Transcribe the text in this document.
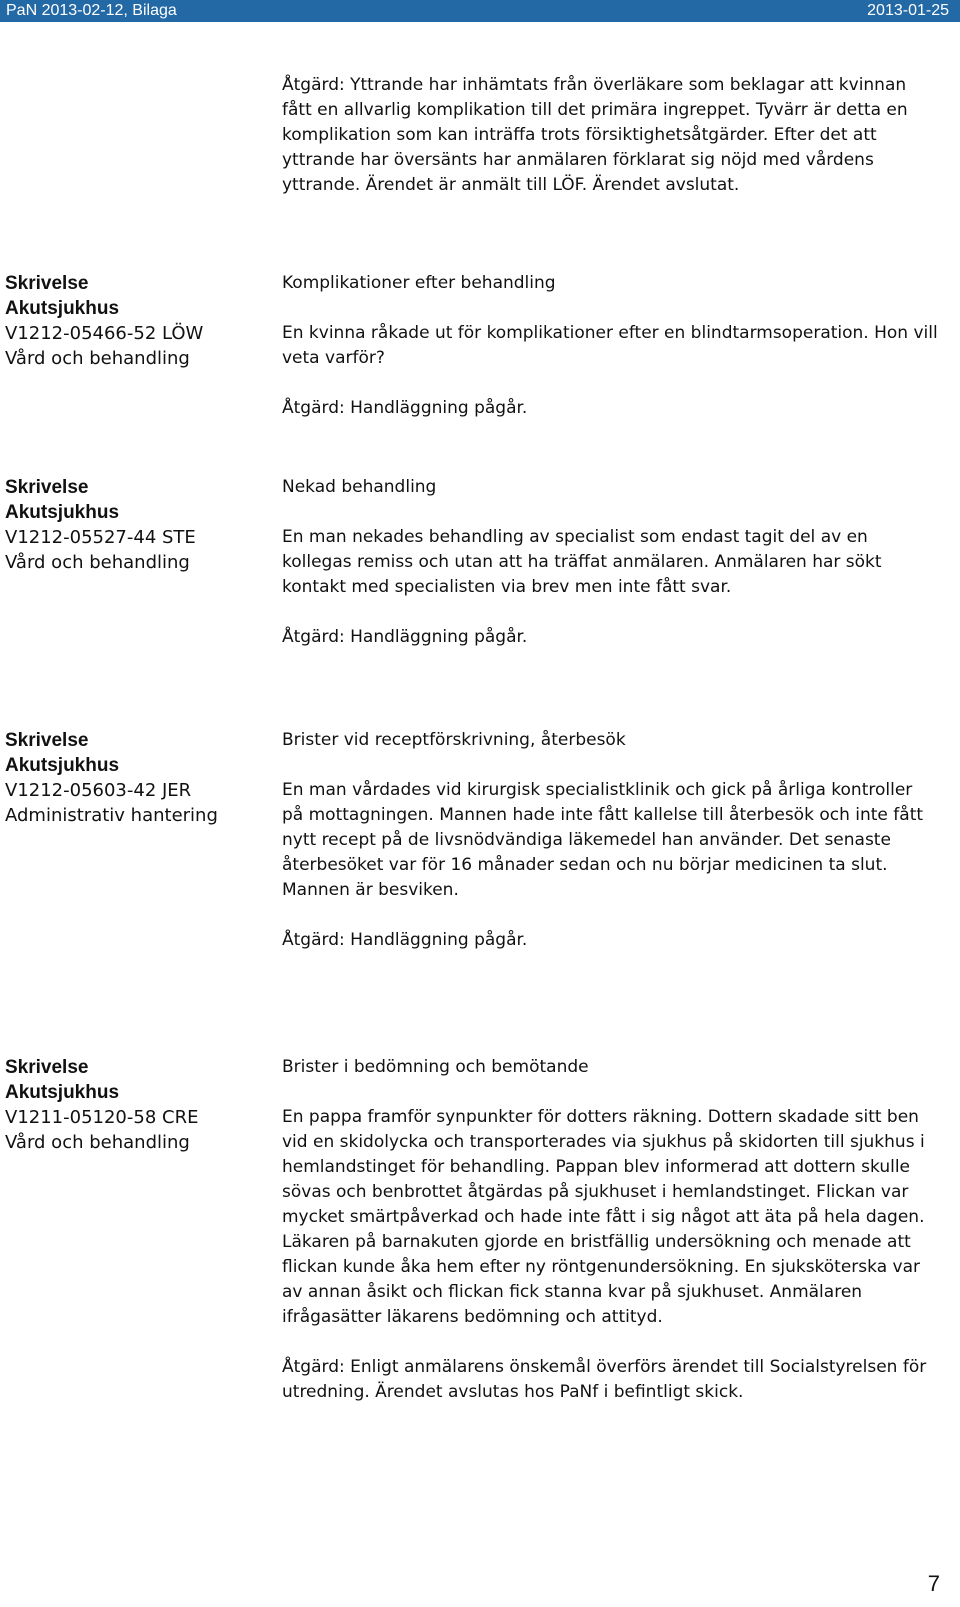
PaN 2013-02-12, Bilaga	2013-01-25

Åtgärd: Yttrande har inhämtats från överläkare som beklagar att kvinnan fått en allvarlig komplikation till det primära ingreppet. Tyvärr är detta en komplikation som kan inträffa trots försiktighetsåtgärder. Efter det att yttrande har översänts har anmälaren förklarat sig nöjd med vårdens yttrande. Ärendet är anmält till LÖF. Ärendet avslutat.

Skrivelse
Akutsjukhus
V1212-05466-52 LÖW
Vård och behandling

Komplikationer efter behandling

En kvinna råkade ut för komplikationer efter en blindtarmsoperation. Hon vill veta varför?

Åtgärd: Handläggning pågår.

Skrivelse
Akutsjukhus
V1212-05527-44 STE
Vård och behandling

Nekad behandling

En man nekades behandling av specialist som endast tagit del av en kollegas remiss och utan att ha träffat anmälaren. Anmälaren har sökt kontakt med specialisten via brev men inte fått svar.

Åtgärd: Handläggning pågår.

Skrivelse
Akutsjukhus
V1212-05603-42 JER
Administrativ hantering

Brister vid receptförskrivning, återbesök

En man vårdades vid kirurgisk specialistklinik och gick på årliga kontroller på mottagningen. Mannen hade inte fått kallelse till återbesök och inte fått nytt recept på de livsnödvändiga läkemedel han använder. Det senaste återbesöket var för 16 månader sedan och nu börjar medicinen ta slut. Mannen är besviken.

Åtgärd: Handläggning pågår.

Skrivelse
Akutsjukhus
V1211-05120-58 CRE
Vård och behandling

Brister i bedömning och bemötande

En pappa framför synpunkter för dotters räkning. Dottern skadade sitt ben vid en skidolycka och transporterades via sjukhus på skidorten till sjukhus i hemlandstinget för behandling. Pappan blev informerad att dottern skulle sövas och benbrottet åtgärdas på sjukhuset i hemlandstinget. Flickan var mycket smärtpåverkad och hade inte fått i sig något att äta på hela dagen. Läkaren på barnakuten gjorde en bristfällig undersökning och menade att flickan kunde åka hem efter ny röntgenundersökning. En sjuksköterska var av annan åsikt och flickan fick stanna kvar på sjukhuset. Anmälaren ifrågasätter läkarens bedömning och attityd.

Åtgärd: Enligt anmälarens önskemål överförs ärendet till Socialstyrelsen för utredning. Ärendet avslutas hos PaNf i befintligt skick.

7
